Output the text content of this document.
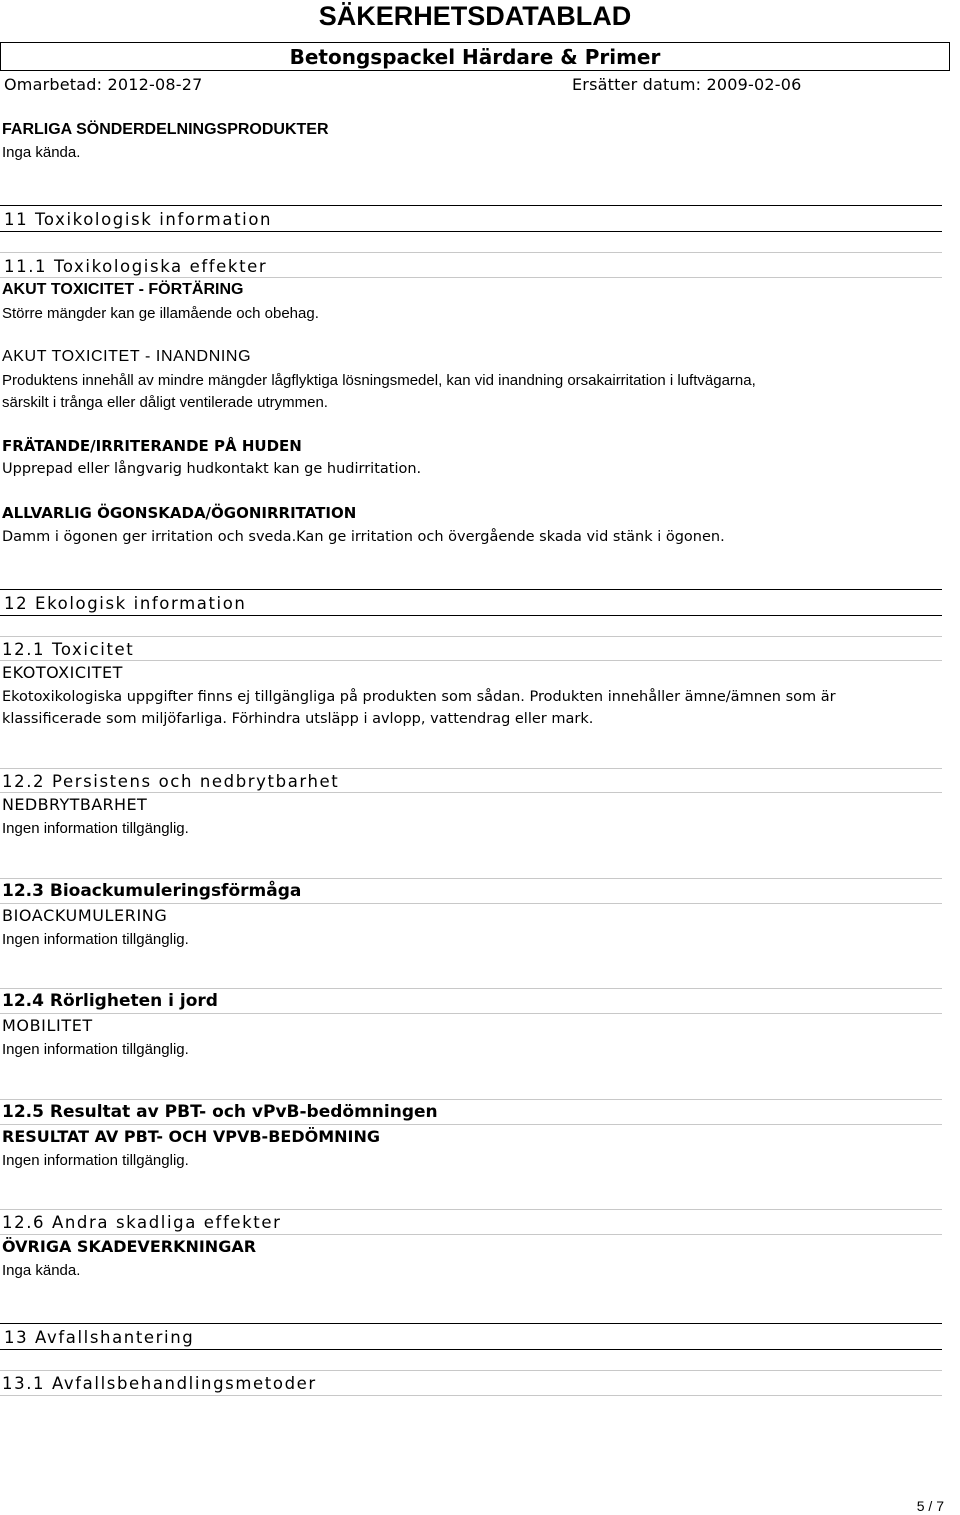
SÄKERHETSDATABLAD
Betongspackel Härdare & Primer
Omarbetad: 2012-08-27	Ersätter datum: 2009-02-06
FARLIGA SÖNDERDELNINGSPRODUKTER
Inga kända.
11 Toxikologisk information
11.1 Toxikologiska effekter
AKUT TOXICITET - FÖRTÄRING
Större mängder kan ge illamående och obehag.
AKUT TOXICITET - INANDNING
Produktens innehåll av mindre mängder lågflyktiga lösningsmedel, kan vid inandning orsakairritation i luftvägarna,
särskilt i trånga eller dåligt ventilerade utrymmen.
FRÄTANDE/IRRITERANDE PÅ HUDEN
Upprepad eller långvarig hudkontakt kan ge hudirritation.
ALLVARLIG ÖGONSKADA/ÖGONIRRITATION
Damm i ögonen ger irritation och sveda.Kan ge irritation och övergående skada vid stänk i ögonen.
12 Ekologisk information
12.1 Toxicitet
EKOTOXICITET
Ekotoxikologiska uppgifter finns ej tillgängliga på produkten som sådan. Produkten innehåller ämne/ämnen som är
klassificerade som miljöfarliga. Förhindra utsläpp i avlopp, vattendrag eller mark.
12.2 Persistens och nedbrytbarhet
NEDBRYTBARHET
Ingen information tillgänglig.
12.3 Bioackumuleringsförmåga
BIOACKUMULERING
Ingen information tillgänglig.
12.4 Rörligheten i jord
MOBILITET
Ingen information tillgänglig.
12.5 Resultat av PBT- och vPvB-bedömningen
RESULTAT AV PBT- OCH VPVB-BEDÖMNING
Ingen information tillgänglig.
12.6 Andra skadliga effekter
ÖVRIGA SKADEVERKNINGAR
Inga kända.
13 Avfallshantering
13.1 Avfallsbehandlingsmetoder
5 / 7
